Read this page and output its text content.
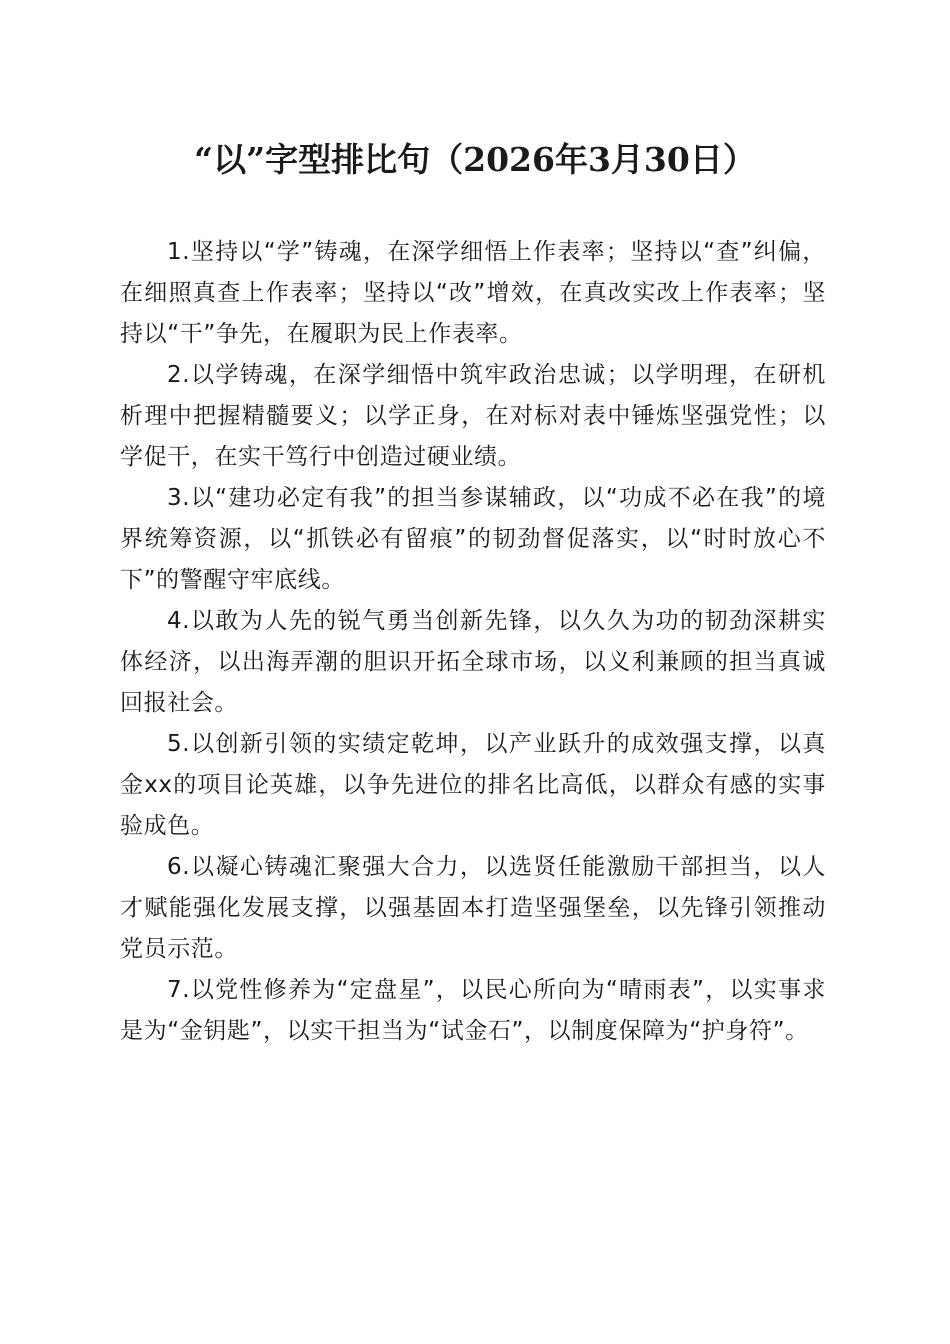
“以”字型排比句（2026年3月30日）

1.坚持以“学”铸魂，在深学细悟上作表率；坚持以“查”纠偏，在细照真查上作表率；坚持以“改”增效，在真改实改上作表率；坚持以“干”争先，在履职为民上作表率。

2.以学铸魂，在深学细悟中筑牢政治忠诚；以学明理，在研机析理中把握精髓要义；以学正身，在对标对表中锤炼坚强党性；以学促干，在实干笃行中创造过硬业绩。

3.以“建功必定有我”的担当参谋辅政，以“功成不必在我”的境界统筹资源，以“抓铁必有留痕”的韧劲督促落实，以“时时放心不下”的警醒守牢底线。

4.以敢为人先的锐气勇当创新先锋，以久久为功的韧劲深耕实体经济，以出海弄潮的胆识开拓全球市场，以义利兼顾的担当真诚回报社会。

5.以创新引领的实绩定乾坤，以产业跃升的成效强支撑，以真金xx的项目论英雄，以争先进位的排名比高低，以群众有感的实事验成色。

6.以凝心铸魂汇聚强大合力，以选贤任能激励干部担当，以人才赋能强化发展支撑，以强基固本打造坚强堡垒，以先锋引领推动党员示范。

7.以党性修养为“定盘星”，以民心所向为“晴雨表”，以实事求是为“金钥匙”，以实干担当为“试金石”，以制度保障为“护身符”。
